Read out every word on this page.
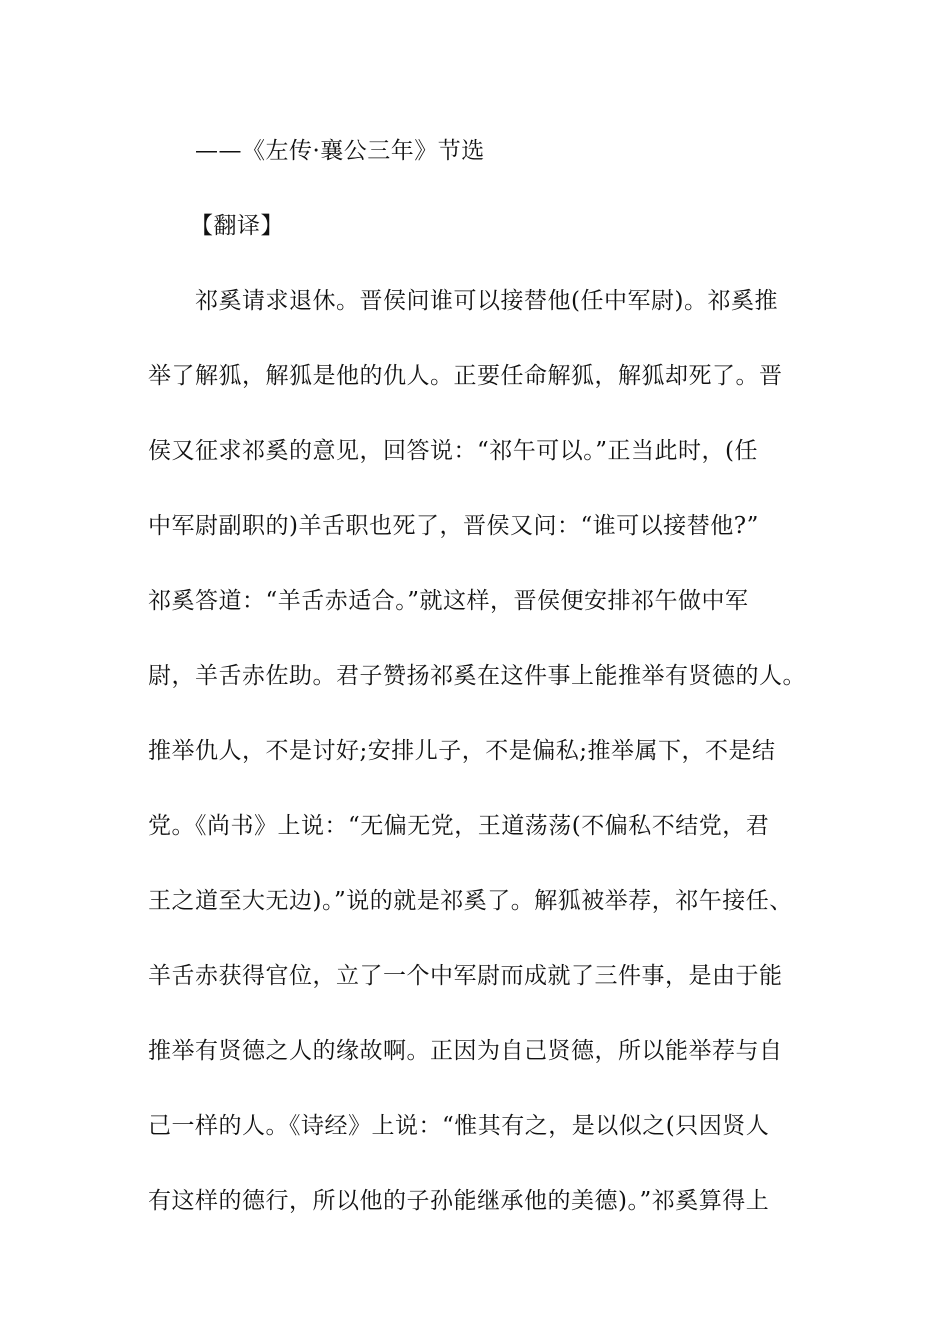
——《左传·襄公三年》节选
【翻译】
祁奚请求退休。晋侯问谁可以接替他(任中军尉)。祁奚推
举了解狐，解狐是他的仇人。正要任命解狐，解狐却死了。晋
侯又征求祁奚的意见，回答说：“祁午可以。”正当此时，(任
中军尉副职的)羊舌职也死了，晋侯又问：“谁可以接替他?”
祁奚答道：“羊舌赤适合。”就这样，晋侯便安排祁午做中军
尉，羊舌赤佐助。君子赞扬祁奚在这件事上能推举有贤德的人。
推举仇人，不是讨好;安排儿子，不是偏私;推举属下，不是结
党。《尚书》上说：“无偏无党，王道荡荡(不偏私不结党，君
王之道至大无边)。”说的就是祁奚了。解狐被举荐，祁午接任、
羊舌赤获得官位，立了一个中军尉而成就了三件事，是由于能
推举有贤德之人的缘故啊。正因为自己贤德，所以能举荐与自
己一样的人。《诗经》上说：“惟其有之，是以似之(只因贤人
有这样的德行，所以他的子孙能继承他的美德)。”祁奚算得上
